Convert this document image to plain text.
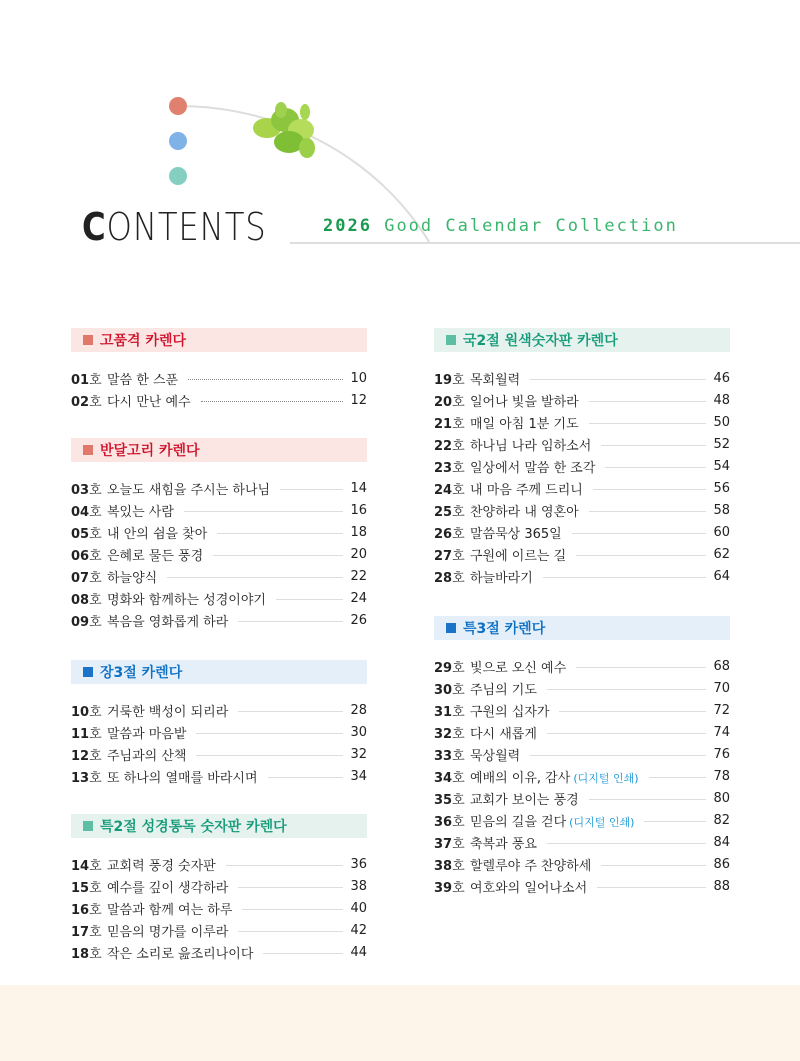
CONTENTS	2026 Good Calendar Collection
고품격 카렌다
01호 말씀 한 스푼	10
02호 다시 만난 예수	12
반달고리 카렌다
03호 오늘도 새힘을 주시는 하나님	14
04호 복있는 사람	16
05호 내 안의 쉼을 찾아	18
06호 은혜로 물든 풍경	20
07호 하늘양식	22
08호 명화와 함께하는 성경이야기	24
09호 복음을 영화롭게 하라	26
장3절 카렌다
10호 거룩한 백성이 되리라	28
11호 말씀과 마음밭	30
12호 주님과의 산책	32
13호 또 하나의 열매를 바라시며	34
특2절 성경통독 숫자판 카렌다
14호 교회력 풍경 숫자판	36
15호 예수를 깊이 생각하라	38
16호 말씀과 함께 여는 하루	40
17호 믿음의 명가를 이루라	42
18호 작은 소리로 읊조리나이다	44
국2절 원색숫자판 카렌다
19호 목회월력	46
20호 일어나 빛을 발하라	48
21호 매일 아침 1분 기도	50
22호 하나님 나라 임하소서	52
23호 일상에서 말씀 한 조각	54
24호 내 마음 주께 드리니	56
25호 찬양하라 내 영혼아	58
26호 말씀묵상 365일	60
27호 구원에 이르는 길	62
28호 하늘바라기	64
특3절 카렌다
29호 빛으로 오신 예수	68
30호 주님의 기도	70
31호 구원의 십자가	72
32호 다시 새롭게	74
33호 묵상월력	76
34호 예배의 이유, 감사 (디지털 인쇄)	78
35호 교회가 보이는 풍경	80
36호 믿음의 길을 걷다 (디지털 인쇄)	82
37호 축복과 풍요	84
38호 할렐루야 주 찬양하세	86
39호 여호와의 일어나소서	88
